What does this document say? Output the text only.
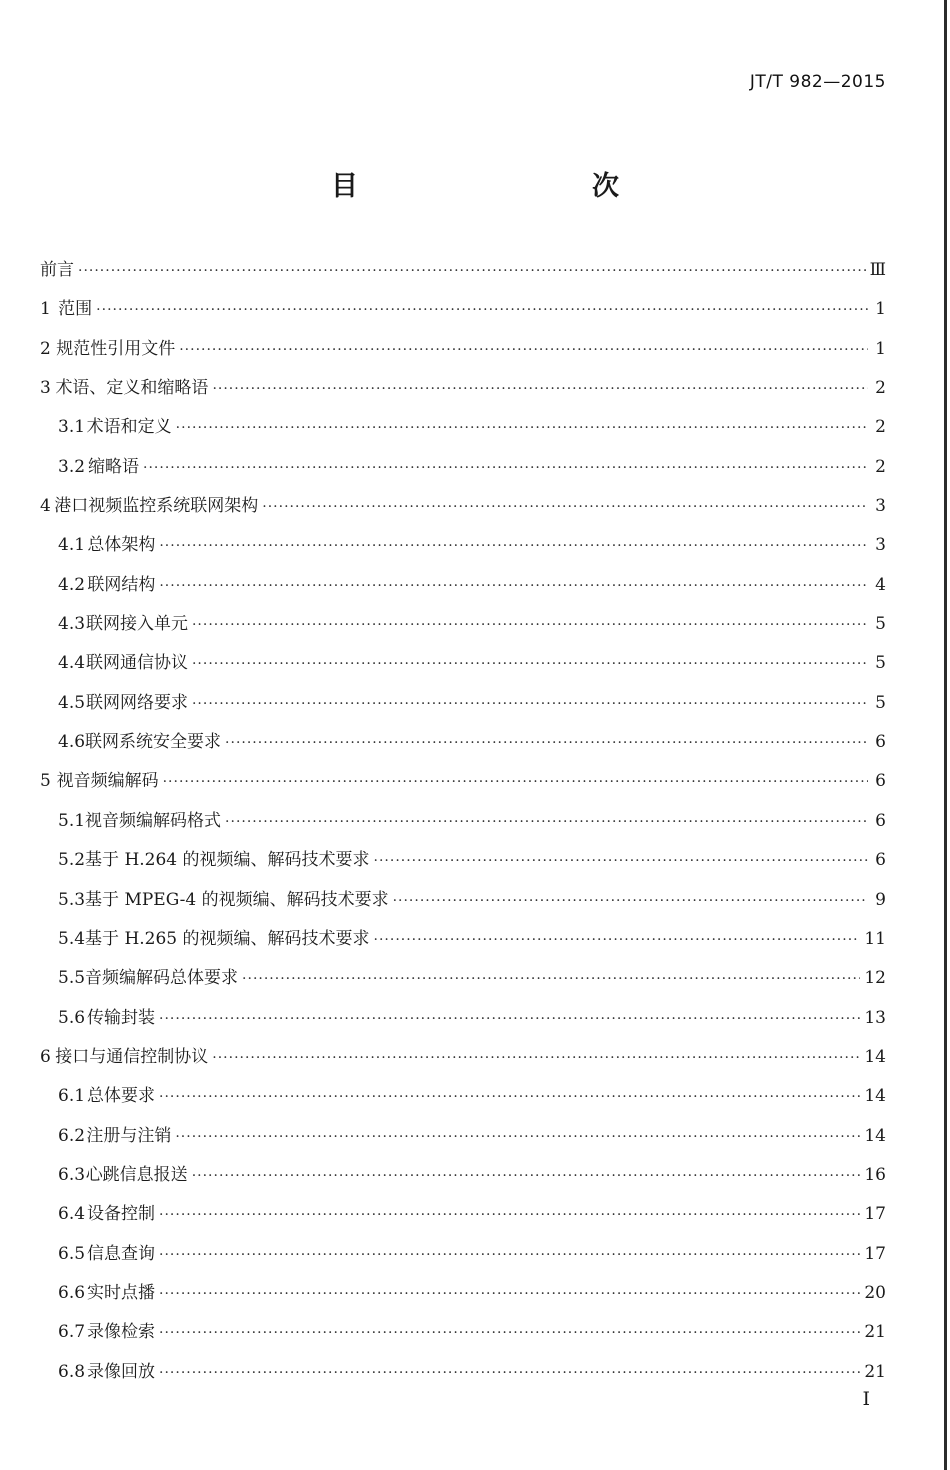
JT/T 982—2015
目　　次
前言 ·····	Ⅲ
1 范围 ·····	1
2 规范性引用文件 ·····	1
3 术语、定义和缩略语 ·····	2
3.1 术语和定义 ·····	2
3.2 缩略语 ·····	2
4 港口视频监控系统联网架构 ·····	3
4.1 总体架构 ·····	3
4.2 联网结构 ·····	4
4.3 联网接入单元 ·····	5
4.4 联网通信协议 ·····	5
4.5 联网网络要求 ·····	5
4.6 联网系统安全要求 ·····	6
5 视音频编解码 ·····	6
5.1 视音频编解码格式 ·····	6
5.2 基于 H.264 的视频编、解码技术要求 ·····	6
5.3 基于 MPEG-4 的视频编、解码技术要求 ·····	9
5.4 基于 H.265 的视频编、解码技术要求 ·····	11
5.5 音频编解码总体要求 ·····	12
5.6 传输封装 ·····	13
6 接口与通信控制协议 ·····	14
6.1 总体要求 ·····	14
6.2 注册与注销 ·····	14
6.3 心跳信息报送 ·····	16
6.4 设备控制 ·····	17
6.5 信息查询 ·····	17
6.6 实时点播 ·····	20
6.7 录像检索 ·····	21
6.8 录像回放 ·····	21
I
